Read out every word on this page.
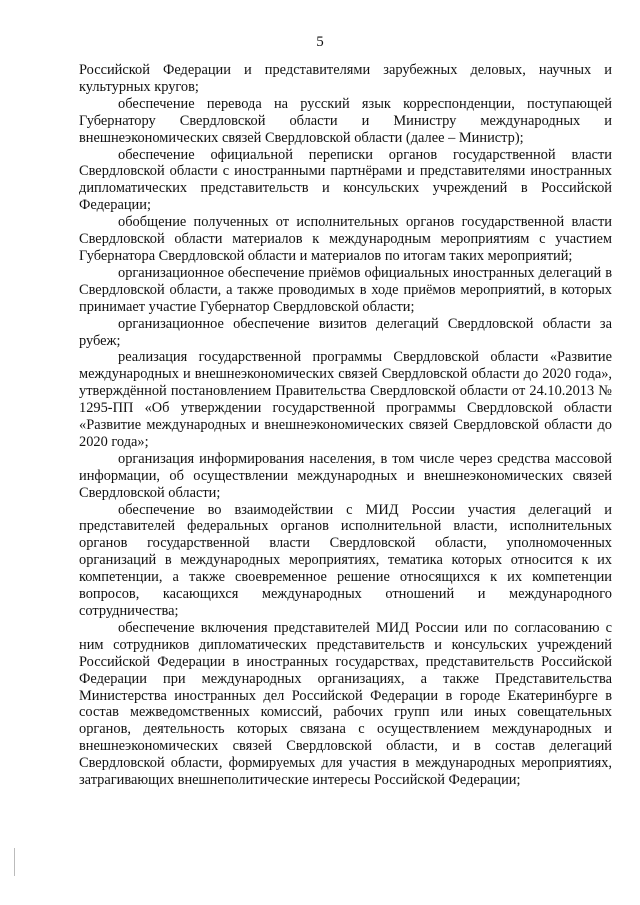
5

Российской Федерации и представителями зарубежных деловых, научных и культурных кругов;

обеспечение перевода на русский язык корреспонденции, поступающей Губернатору Свердловской области и Министру международных и внешнеэкономических связей Свердловской области (далее – Министр);

обеспечение официальной переписки органов государственной власти Свердловской области с иностранными партнёрами и представителями иностранных дипломатических представительств и консульских учреждений в Российской Федерации;

обобщение полученных от исполнительных органов государственной власти Свердловской области материалов к международным мероприятиям с участием Губернатора Свердловской области и материалов по итогам таких мероприятий;

организационное обеспечение приёмов официальных иностранных делегаций в Свердловской области, а также проводимых в ходе приёмов мероприятий, в которых принимает участие Губернатор Свердловской области;

организационное обеспечение визитов делегаций Свердловской области за рубеж;

реализация государственной программы Свердловской области «Развитие международных и внешнеэкономических связей Свердловской области до 2020 года», утверждённой постановлением Правительства Свердловской области от 24.10.2013 № 1295-ПП «Об утверждении государственной программы Свердловской области «Развитие международных и внешнеэкономических связей Свердловской области до 2020 года»;

организация информирования населения, в том числе через средства массовой информации, об осуществлении международных и внешнеэкономических связей Свердловской области;

обеспечение во взаимодействии с МИД России участия делегаций и представителей федеральных органов исполнительной власти, исполнительных органов государственной власти Свердловской области, уполномоченных организаций в международных мероприятиях, тематика которых относится к их компетенции, а также своевременное решение относящихся к их компетенции вопросов, касающихся международных отношений и международного сотрудничества;

обеспечение включения представителей МИД России или по согласованию с ним сотрудников дипломатических представительств и консульских учреждений Российской Федерации в иностранных государствах, представительств Российской Федерации при международных организациях, а также Представительства Министерства иностранных дел Российской Федерации в городе Екатеринбурге в состав межведомственных комиссий, рабочих групп или иных совещательных органов, деятельность которых связана с осуществлением международных и внешнеэкономических связей Свердловской области, и в состав делегаций Свердловской области, формируемых для участия в международных мероприятиях, затрагивающих внешнеполитические интересы Российской Федерации;
